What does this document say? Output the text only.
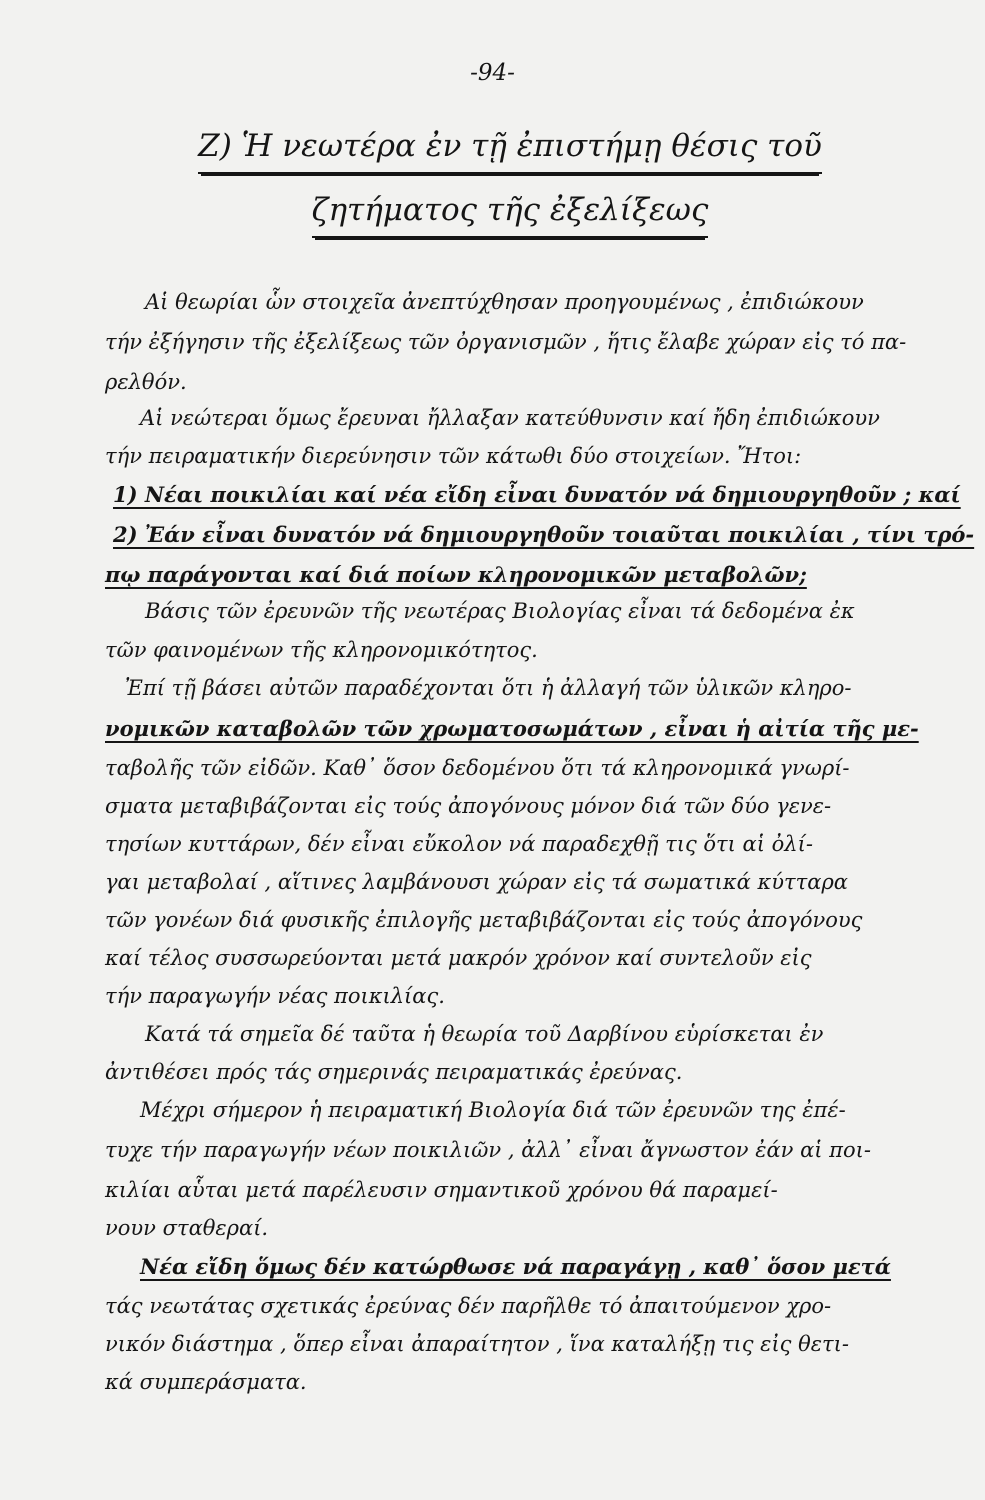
-94-
Ζ) Ἡ νεωτέρα ἐν τῇ ἐπιστήμῃ θέσις τοῦ
ζητήματος τῆς ἐξελίξεως
Αἱ θεωρίαι ὧν στοιχεῖα ἀνεπτύχθησαν προηγουμένως , ἐπιδιώκουν
τήν ἐξήγησιν τῆς ἐξελίξεως τῶν ὀργανισμῶν , ἥτις ἔλαβε χώραν εἰς τό πα-
ρελθόν.
Αἱ νεώτεραι ὅμως ἔρευναι ἤλλαξαν κατεύθυνσιν καί ἤδη ἐπιδιώκουν
τήν πειραματικήν διερεύνησιν τῶν κάτωθι δύο στοιχείων. Ἤτοι:
1) Νέαι ποικιλίαι καί νέα εἴδη εἶναι δυνατόν νά δημιουργηθοῦν ; καί
2) Ἐάν εἶναι δυνατόν νά δημιουργηθοῦν τοιαῦται ποικιλίαι , τίνι τρό-
πῳ παράγονται καί διά ποίων κληρονομικῶν μεταβολῶν;
Βάσις τῶν ἐρευνῶν τῆς νεωτέρας Βιολογίας εἶναι τά δεδομένα ἐκ
τῶν φαινομένων τῆς κληρονομικότητος.
Ἐπί τῇ βάσει αὐτῶν παραδέχονται ὅτι ἡ ἀλλαγή τῶν ὑλικῶν κληρο-
νομικῶν καταβολῶν τῶν χρωματοσωμάτων , εἶναι ἡ αἰτία τῆς με-
ταβολῆς τῶν εἰδῶν. Καθ᾽ ὅσον δεδομένου ὅτι τά κληρονομικά γνωρί-
σματα μεταβιβάζονται εἰς τούς ἀπογόνους μόνον διά τῶν δύο γενε-
τησίων κυττάρων, δέν εἶναι εὔκολον νά παραδεχθῇ τις ὅτι αἱ ὀλί-
γαι μεταβολαί , αἵτινες λαμβάνουσι χώραν εἰς τά σωματικά κύτταρα
τῶν γονέων διά φυσικῆς ἐπιλογῆς μεταβιβάζονται εἰς τούς ἀπογόνους
καί τέλος συσσωρεύονται μετά μακρόν χρόνον καί συντελοῦν εἰς
τήν παραγωγήν νέας ποικιλίας.
Κατά τά σημεῖα δέ ταῦτα ἡ θεωρία τοῦ Δαρβίνου εὑρίσκεται ἐν
ἀντιθέσει πρός τάς σημερινάς πειραματικάς ἐρεύνας.
Μέχρι σήμερον ἡ πειραματική Βιολογία διά τῶν ἐρευνῶν της ἐπέ-
τυχε τήν παραγωγήν νέων ποικιλιῶν , ἀλλ᾽ εἶναι ἄγνωστον ἐάν αἱ ποι-
κιλίαι αὗται μετά παρέλευσιν σημαντικοῦ χρόνου θά παραμεί-
νουν σταθεραί.
Νέα εἴδη ὅμως δέν κατώρθωσε νά παραγάγῃ , καθ᾽ ὅσον μετά
τάς νεωτάτας σχετικάς ἐρεύνας δέν παρῆλθε τό ἀπαιτούμενον χρο-
νικόν διάστημα , ὅπερ εἶναι ἀπαραίτητον , ἵνα καταλήξῃ τις εἰς θετι-
κά συμπεράσματα.
